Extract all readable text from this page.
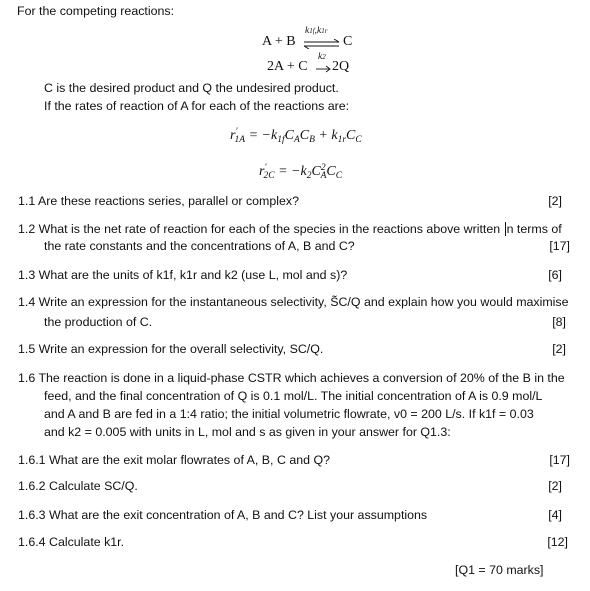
For the competing reactions:
A + B
k1f,k1r
⇌ C
2A + C
k2
2Q
C is the desired product and Q the undesired product.
If the rates of reaction of A for each of the reactions are:
$r'_{1A} = -k_{1f}C_AC_B + k_{1r}C_C$
$r'_{2C} = -k_2C^2_AC_C$
1.1 Are these reactions series, parallel or complex?	[2]
1.2 What is the net rate of reaction for each of the species in the reactions above written n terms of
the rate constants and the concentrations of A, B and C?	[17]
1.3 What are the units of k1f, k1r and k2 (use L, mol and s)?	[6]
1.4 Write an expression for the instantaneous selectivity, S̃C/Q and explain how you would maximise
the production of C.	[8]
1.5 Write an expression for the overall selectivity, SC/Q.	[2]
1.6 The reaction is done in a liquid-phase CSTR which achieves a conversion of 20% of the B in the
feed, and the final concentration of Q is 0.1 mol/L. The initial concentration of A is 0.9 mol/L
and A and B are fed in a 1:4 ratio; the initial volumetric flowrate, v0 = 200 L/s. If k1f = 0.03
and k2 = 0.005 with units in L, mol and s as given in your answer for Q1.3:
1.6.1 What are the exit molar flowrates of A, B, C and Q?	[17]
1.6.2 Calculate SC/Q.	[2]
1.6.3 What are the exit concentration of A, B and C? List your assumptions	[4]
1.6.4 Calculate k1r.	[12]
[Q1 = 70 marks]
